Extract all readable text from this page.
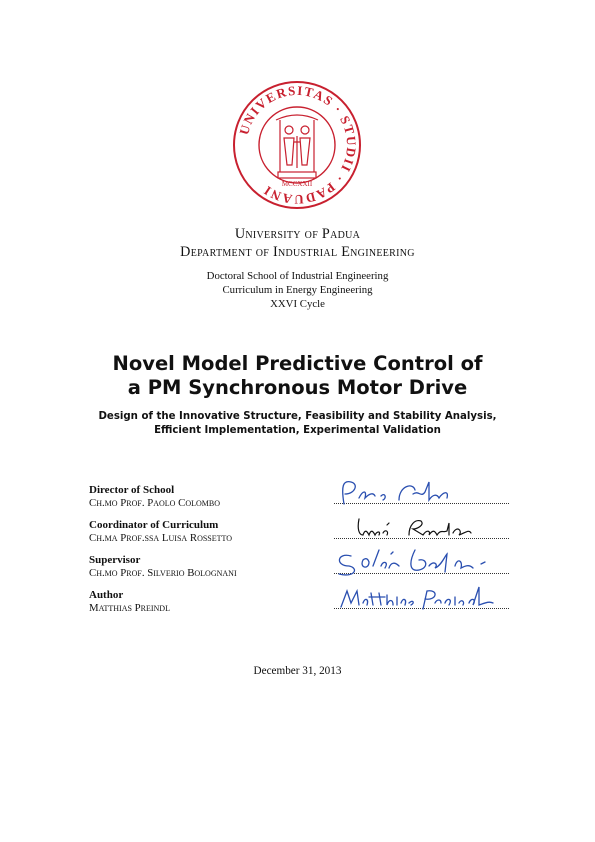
UNIVERSITAS · STUDII · PADUANI	MCCXXII
University of Padua
Department of Industrial Engineering
Doctoral School of Industrial Engineering
Curriculum in Energy Engineering
XXVI Cycle
Novel Model Predictive Control of
a PM Synchronous Motor Drive
Design of the Innovative Structure, Feasibility and Stability Analysis,
Efficient Implementation, Experimental Validation
Director of School
Ch.mo Prof. Paolo Colombo
Coordinator of Curriculum
Ch.ma Prof.ssa Luisa Rossetto
Supervisor
Ch.mo Prof. Silverio Bolognani
Author
Matthias Preindl
December 31, 2013
